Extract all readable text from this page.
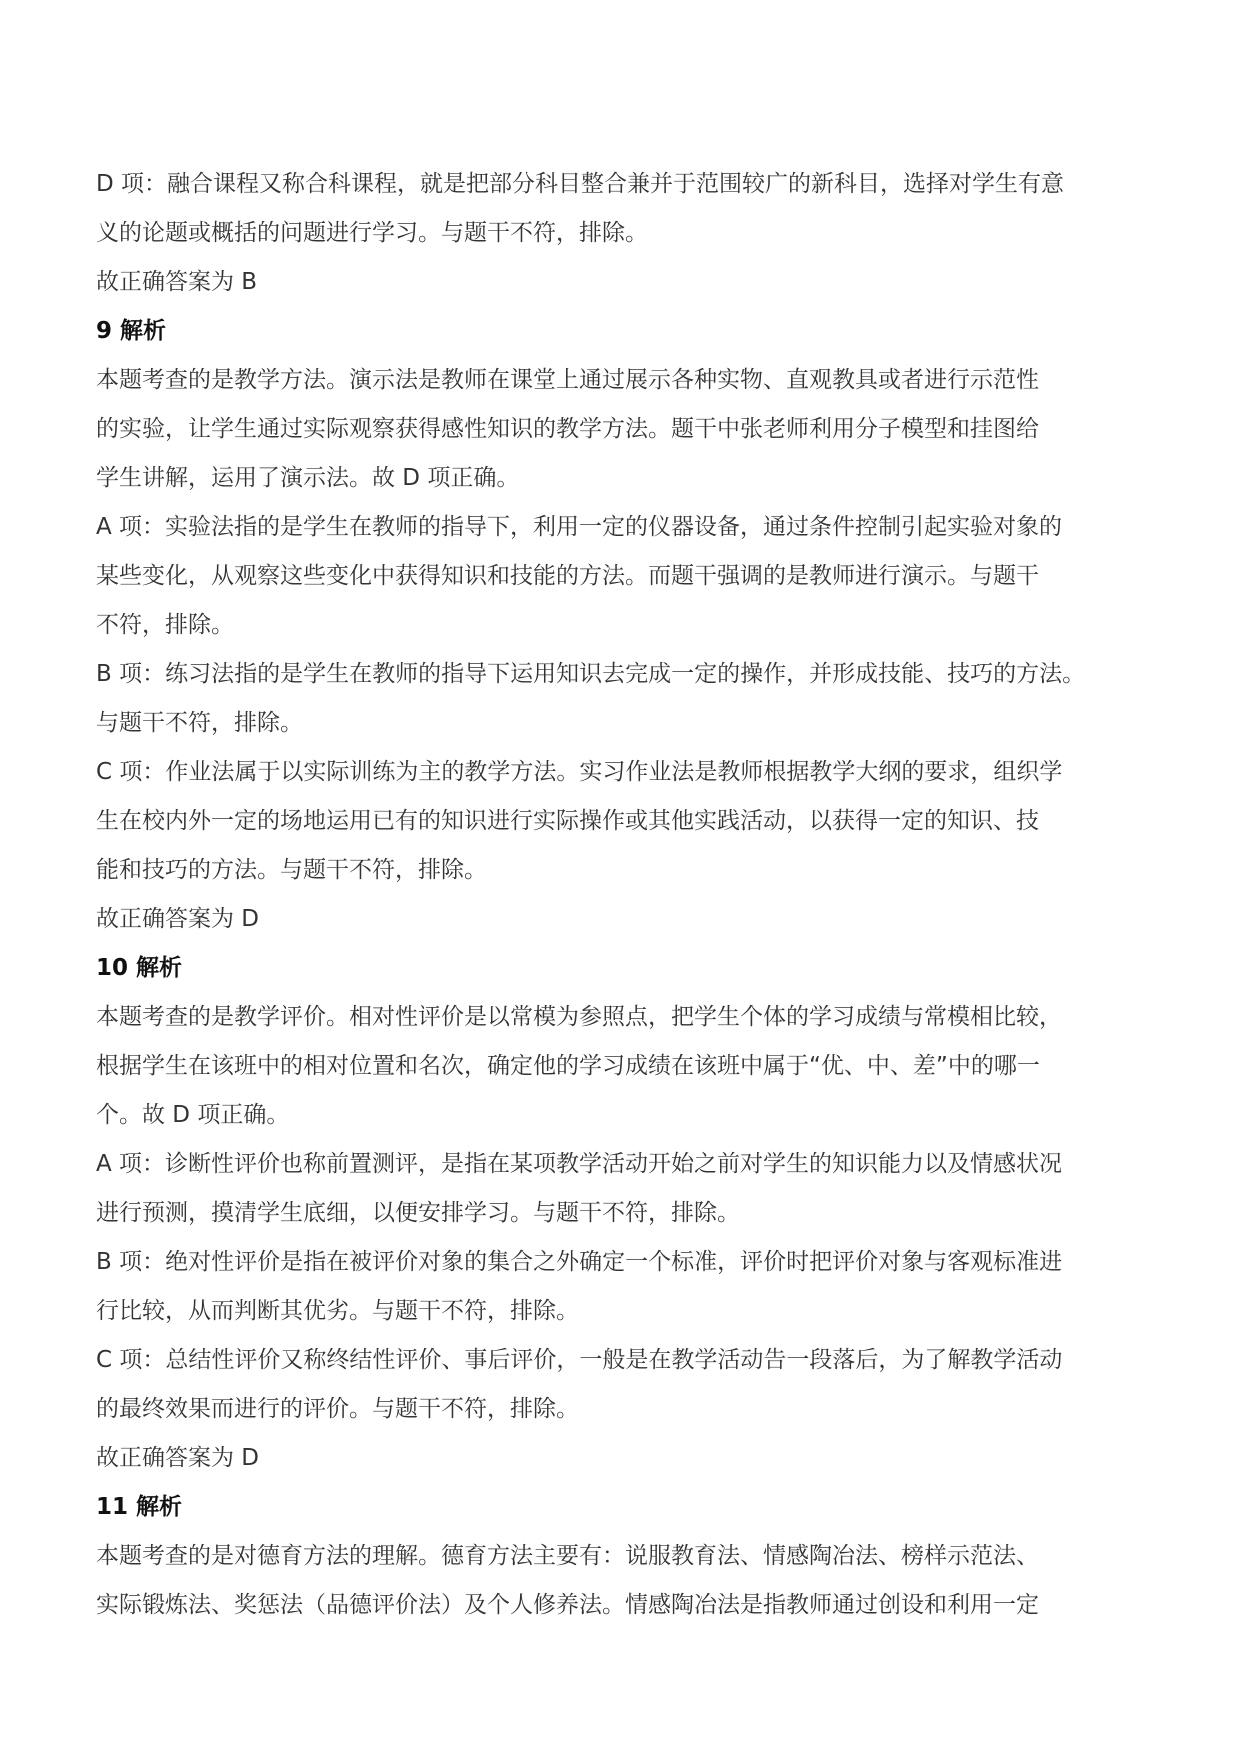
D 项：融合课程又称合科课程，就是把部分科目整合兼并于范围较广的新科目，选择对学生有意
义的论题或概括的问题进行学习。与题干不符，排除。
故正确答案为 B
9 解析
本题考查的是教学方法。演示法是教师在课堂上通过展示各种实物、直观教具或者进行示范性
的实验，让学生通过实际观察获得感性知识的教学方法。题干中张老师利用分子模型和挂图给
学生讲解，运用了演示法。故 D 项正确。
A 项：实验法指的是学生在教师的指导下，利用一定的仪器设备，通过条件控制引起实验对象的
某些变化，从观察这些变化中获得知识和技能的方法。而题干强调的是教师进行演示。与题干
不符，排除。
B 项：练习法指的是学生在教师的指导下运用知识去完成一定的操作，并形成技能、技巧的方法。
与题干不符，排除。
C 项：作业法属于以实际训练为主的教学方法。实习作业法是教师根据教学大纲的要求，组织学
生在校内外一定的场地运用已有的知识进行实际操作或其他实践活动，以获得一定的知识、技
能和技巧的方法。与题干不符，排除。
故正确答案为 D
10 解析
本题考查的是教学评价。相对性评价是以常模为参照点，把学生个体的学习成绩与常模相比较，
根据学生在该班中的相对位置和名次，确定他的学习成绩在该班中属于“优、中、差”中的哪一
个。故 D 项正确。
A 项：诊断性评价也称前置测评，是指在某项教学活动开始之前对学生的知识能力以及情感状况
进行预测，摸清学生底细，以便安排学习。与题干不符，排除。
B 项：绝对性评价是指在被评价对象的集合之外确定一个标准，评价时把评价对象与客观标准进
行比较，从而判断其优劣。与题干不符，排除。
C 项：总结性评价又称终结性评价、事后评价，一般是在教学活动告一段落后，为了解教学活动
的最终效果而进行的评价。与题干不符，排除。
故正确答案为 D
11 解析
本题考查的是对德育方法的理解。德育方法主要有：说服教育法、情感陶冶法、榜样示范法、
实际锻炼法、奖惩法（品德评价法）及个人修养法。情感陶冶法是指教师通过创设和利用一定
